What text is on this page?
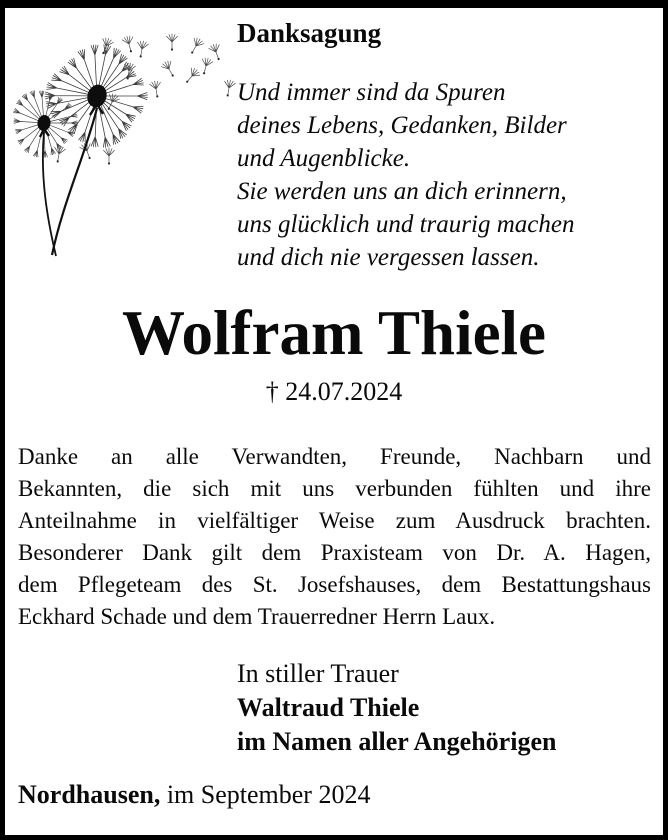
Danksagung
Und immer sind da Spuren
deines Lebens, Gedanken, Bilder
und Augenblicke.
Sie werden uns an dich erinnern,
uns glücklich und traurig machen
und dich nie vergessen lassen.
Wolfram Thiele
† 24.07.2024
Danke an alle Verwandten, Freunde, Nachbarn und
Bekannten, die sich mit uns verbunden fühlten und ihre
Anteilnahme in vielfältiger Weise zum Ausdruck brachten.
Besonderer Dank gilt dem Praxisteam von Dr. A. Hagen,
dem Pflegeteam des St. Josefshauses, dem Bestattungshaus
Eckhard Schade und dem Trauerredner Herrn Laux.
In stiller Trauer
Waltraud Thiele
im Namen aller Angehörigen
Nordhausen, im September 2024
